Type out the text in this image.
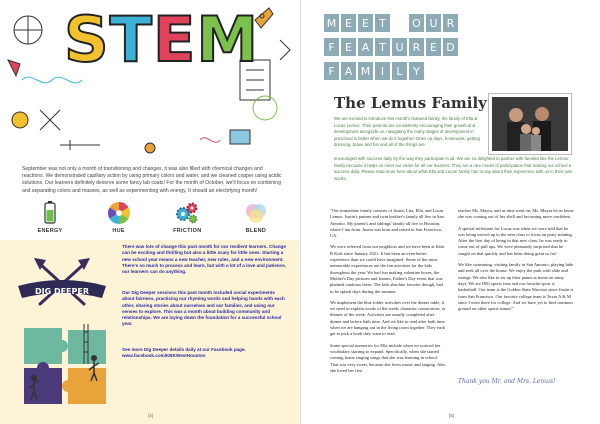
S T E M

September was not only a month of transitioning and changes, it was also filled with chemical changes and reactions. We demonstrated capillary action by using primary colors and water, and we cleaned copper using acidic solutions. Our learners definitely deserve some fancy lab coats! For the month of October, we'll focus on combining and separating colors and masses, as well as experimenting with energy. It should an electrifying month!

ENERGY	HUE	FRICTION	BLEND
DIG DEEPER

There was lots of change this past month for our resilient learners. Change can be exciting and thrilling but also a little scary for little ones. Starting a new school year means a new teacher, new rules, and a new environment. There's so much to process and learn, but with a lot of a love and patience, our learners can do anything.

Our Dig Deeper sessions this past month included social experiments about fairness, practicing our rhyming words and helping hands with each other, sharing stories about ourselves and our families, and using our senses to explore. This was a month about building community and relationships. We are laying down the foundation for a successful school year.

See more Dig Deeper details daily at our Facebook page. www.facebook.com/KBKWestHouston

[4]	[5]
M E E T	O U R
F E A T U R E D
F A M I	L Y
The Lemus Family

We are excited to introduce this month's featured family, the family of Ella & Lucas Lemus. Their parents are consistently encouraging their growth and development alongside us, navigating the many stages of development in preschool is better when we do it together! Ones up days, homework, getting dressing, brave and fun and all of the things are

encouraged with success daily by the way they participate in all. We are so delighted to partner with families like the Lemus family because it helps us meet our vision for all our learners. They are a rare model of participation that making our school a success daily. Please read more here about what Ella and Lucas' family has to say about their experience with us in their own words.

"Our immediate family consists of Justin, Lita, Ella, and Lucas Lemus. Justin's partner and twin brother's family all live in San Antonio. My parent's and siblings' family all live in Houston, where I am from. Justin was born and raised in San Francisco, CA.

We were referred from our neighbors and we have been at Kids R Kids since January 2021. It has been an even better experience than we could have imagined. Some of the most memorable experiences are the fun activities for the kids throughout the year. We had fun making valentine boxes, the Mother's Day pictures and frames, Father's Day event that was planned outdoors these. The kids absolute favorite though, had to be splash days during the summer.

We implement the blue folder activities over the dinner table, if we need to explain words of the week, character connections, or themes of the week. Activities are usually completed after dinner and before bath time. And we like to read after bath time when we are hanging out in the living room together. They each get to pick a book they want to read.

Some special memories for Ella include when we noticed her vocabulary starting to expand. Specifically, when she started coming home singing songs that she was learning in school. That was very sweet, because she loves music and singing. Also she loved her first

teacher Ms. Mayra, and as time went on, Ms. Mayra let us know she was coming out of her shell and becoming more confident.

A special milestone for Lucas was when we were told that he was being moved up to the next class to focus on potty training. After the first day of being in that new class, he was ready to come out of pull ups. We were pleasantly surprised that he caught on that quickly and has been doing great so far!

We like swimming, visiting family in San Antonio, playing hide and seek all over the house. We enjoy the park with slide and swings. We also like to set up their paints at home on rainy days. We are IHG sports fans and our favorite sport is basketball. Our team is the Golden State Warriors since Justin is from San Francisco. Our favorite college team is Texas A & M since I went there for college. And we have yet to find common ground on other sports teams!"

Thank you Mr. and Mrs. Lemus!
